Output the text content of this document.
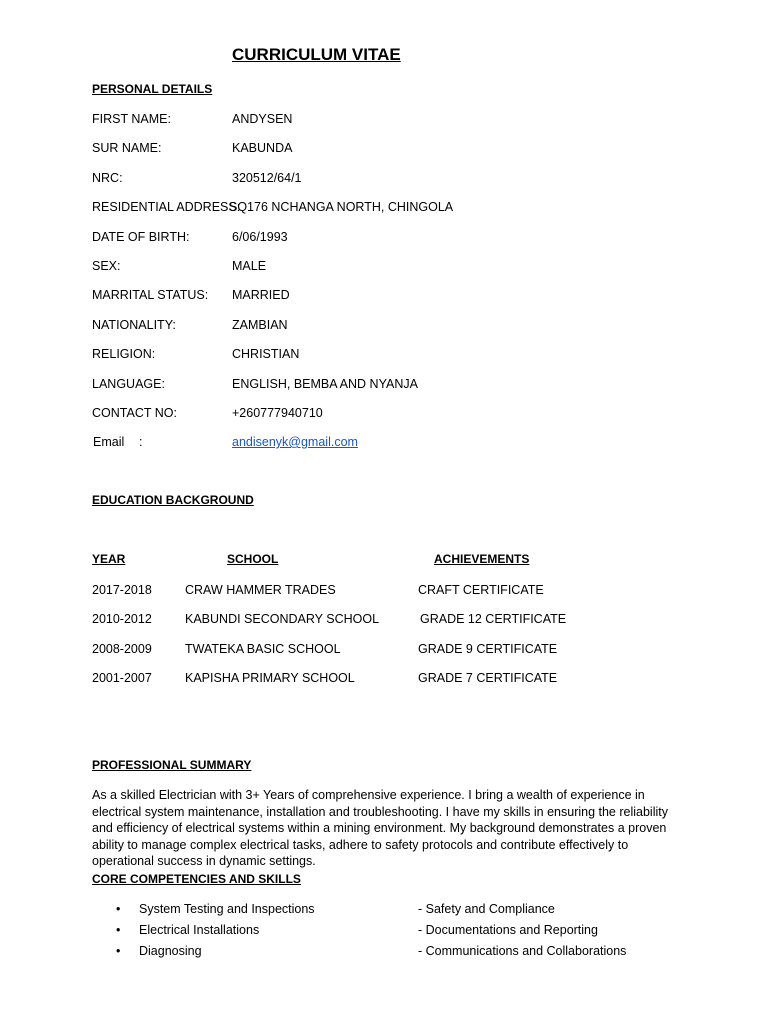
CURRICULUM VITAE
PERSONAL DETAILS
FIRST NAME:	ANDYSEN
SUR NAME:	KABUNDA
NRC:	320512/64/1
RESIDENTIAL ADDRESS:
SQ176 NCHANGA NORTH, CHINGOLA
DATE OF BIRTH:	6/06/1993
SEX:	MALE
MARRITAL STATUS: MARRIED
NATIONALITY:	ZAMBIAN
RELIGION:	CHRISTIAN
LANGUAGE:	ENGLISH, BEMBA AND NYANJA
CONTACT NO:	+260777940710
Email :	andisenyk@gmail.com
EDUCATION BACKGROUND
YEAR	SCHOOL	ACHIEVEMENTS
2017-2018	CRAW HAMMER TRADES	CRAFT CERTIFICATE
2010-2012	KABUNDI SECONDARY SCHOOL	GRADE 12 CERTIFICATE
2008-2009	TWATEKA BASIC SCHOOL	GRADE 9 CERTIFICATE
2001-2007	KAPISHA PRIMARY SCHOOL	GRADE 7 CERTIFICATE
PROFESSIONAL SUMMARY
As a skilled Electrician with 3+ Years of comprehensive experience. I bring a wealth of experience in electrical system maintenance, installation and troubleshooting. I have my skills in ensuring the reliability and efficiency of electrical systems within a mining environment. My background demonstrates a proven ability to manage complex electrical tasks, adhere to safety protocols and contribute effectively to operational success in dynamic settings.
CORE COMPETENCIES AND SKILLS
• System Testing and Inspections	- Safety and Compliance
• Electrical Installations	- Documentations and Reporting
• Diagnosing	- Communications and Collaborations
